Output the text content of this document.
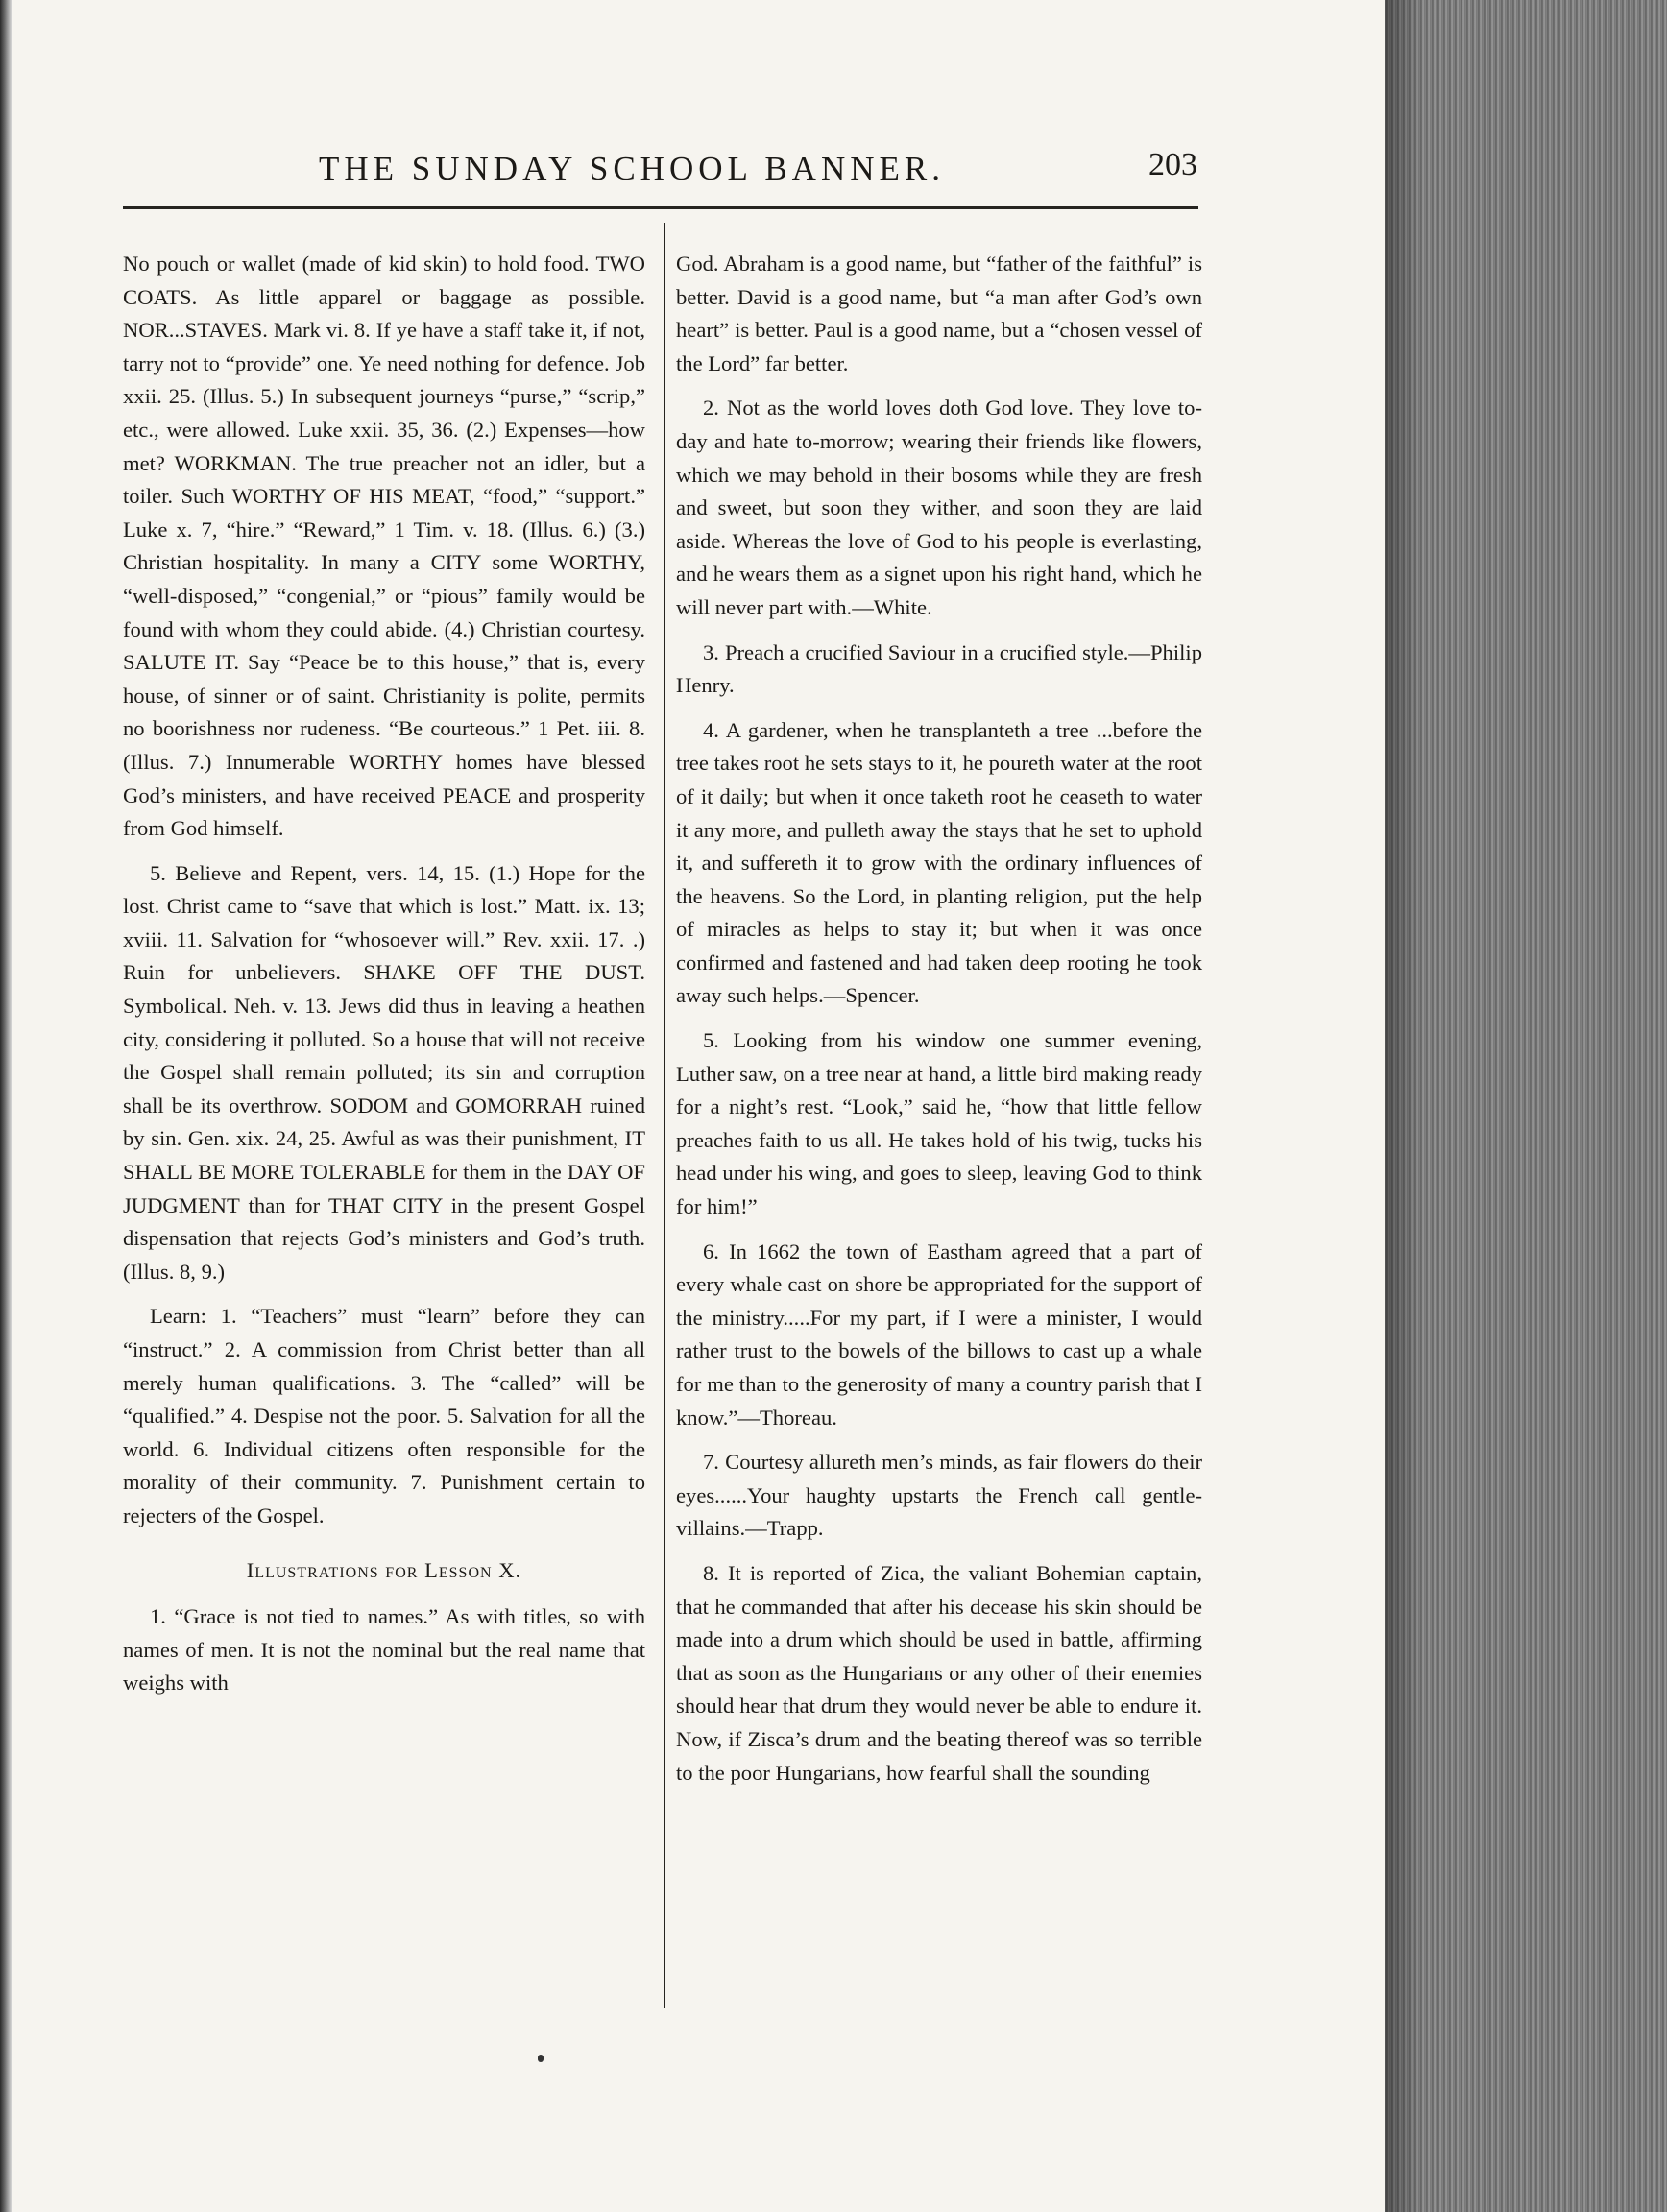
THE SUNDAY SCHOOL BANNER.	203

No pouch or wallet (made of kid skin) to hold food. TWO COATS. As little apparel or baggage as possible. NOR...STAVES. Mark vi. 8. If ye have a staff take it, if not, tarry not to “provide” one. Ye need nothing for defence. Job xxii. 25. (Illus. 5.) In subsequent journeys “purse,” “scrip,” etc., were allowed. Luke xxii. 35, 36. (2.) Expenses—how met? WORKMAN. The true preacher not an idler, but a toiler. Such WORTHY OF HIS MEAT, “food,” “support.” Luke x. 7, “hire.” “Reward,” 1 Tim. v. 18. (Illus. 6.) (3.) Christian hospitality. In many a CITY some WORTHY, “well-disposed,” “congenial,” or “pious” family would be found with whom they could abide. (4.) Christian courtesy. SALUTE IT. Say “Peace be to this house,” that is, every house, of sinner or of saint. Christianity is polite, permits no boorishness nor rudeness. “Be courteous.” 1 Pet. iii. 8. (Illus. 7.) Innumerable WORTHY homes have blessed God’s ministers, and have received PEACE and prosperity from God himself.

5. Believe and Repent, vers. 14, 15. (1.) Hope for the lost. Christ came to “save that which is lost.” Matt. ix. 13; xviii. 11. Salvation for “whosoever will.” Rev. xxii. 17. .) Ruin for unbelievers. SHAKE OFF THE DUST. Symbolical. Neh. v. 13. Jews did thus in leaving a heathen city, considering it polluted. So a house that will not receive the Gospel shall remain polluted; its sin and corruption shall be its overthrow. SODOM and GOMORRAH ruined by sin. Gen. xix. 24, 25. Awful as was their punishment, IT SHALL BE MORE TOLERABLE for them in the DAY OF JUDGMENT than for THAT CITY in the present Gospel dispensation that rejects God’s ministers and God’s truth. (Illus. 8, 9.)

Learn: 1. “Teachers” must “learn” before they can “instruct.” 2. A commission from Christ better than all merely human qualifications. 3. The “called” will be “qualified.” 4. Despise not the poor. 5. Salvation for all the world. 6. Individual citizens often responsible for the morality of their community. 7. Punishment certain to rejecters of the Gospel.

Illustrations for Lesson X.

1. “Grace is not tied to names.” As with titles, so with names of men. It is not the nominal but the real name that weighs with

God. Abraham is a good name, but “father of the faithful” is better. David is a good name, but “a man after God’s own heart” is better. Paul is a good name, but a “chosen vessel of the Lord” far better.

2. Not as the world loves doth God love. They love to-day and hate to-morrow; wearing their friends like flowers, which we may behold in their bosoms while they are fresh and sweet, but soon they wither, and soon they are laid aside. Whereas the love of God to his people is everlasting, and he wears them as a signet upon his right hand, which he will never part with.—White.

3. Preach a crucified Saviour in a crucified style.—Philip Henry.

4. A gardener, when he transplanteth a tree ...before the tree takes root he sets stays to it, he poureth water at the root of it daily; but when it once taketh root he ceaseth to water it any more, and pulleth away the stays that he set to uphold it, and suffereth it to grow with the ordinary influences of the heavens. So the Lord, in planting religion, put the help of miracles as helps to stay it; but when it was once confirmed and fastened and had taken deep rooting he took away such helps.—Spencer.

5. Looking from his window one summer evening, Luther saw, on a tree near at hand, a little bird making ready for a night’s rest. “Look,” said he, “how that little fellow preaches faith to us all. He takes hold of his twig, tucks his head under his wing, and goes to sleep, leaving God to think for him!”

6. In 1662 the town of Eastham agreed that a part of every whale cast on shore be appropriated for the support of the ministry.....For my part, if I were a minister, I would rather trust to the bowels of the billows to cast up a whale for me than to the generosity of many a country parish that I know.”—Thoreau.

7. Courtesy allureth men’s minds, as fair flowers do their eyes......Your haughty upstarts the French call gentle-villains.—Trapp.

8. It is reported of Zica, the valiant Bohemian captain, that he commanded that after his decease his skin should be made into a drum which should be used in battle, affirming that as soon as the Hungarians or any other of their enemies should hear that drum they would never be able to endure it. Now, if Zisca’s drum and the beating thereof was so terrible to the poor Hungarians, how fearful shall the sounding
